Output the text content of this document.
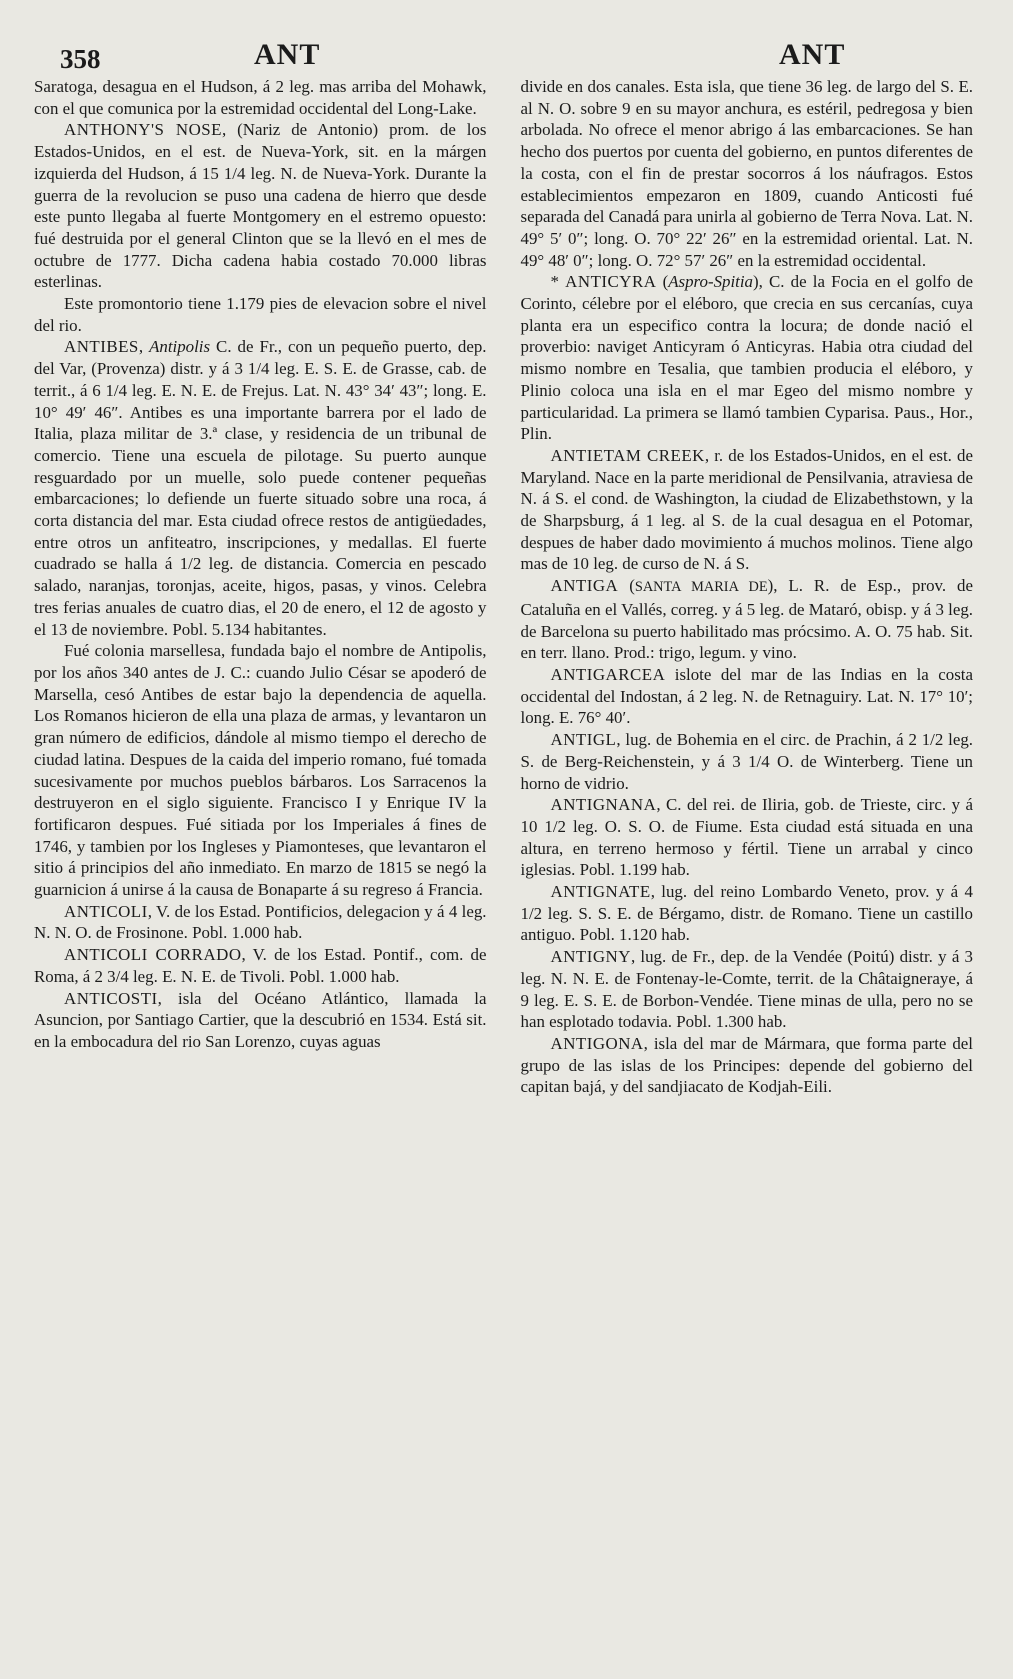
358	ANT	ANT

Saratoga, desagua en el Hudson, á 2 leg. mas arriba del Mohawk, con el que comunica por la estremidad occidental del Long-Lake.

ANTHONY'S NOSE, (Nariz de Antonio) prom. de los Estados-Unidos, en el est. de Nueva-York, sit. en la márgen izquierda del Hudson, á 15 1/4 leg. N. de Nueva-York. Durante la guerra de la revolucion se puso una cadena de hierro que desde este punto llegaba al fuerte Montgomery en el estremo opuesto: fué destruida por el general Clinton que se la llevó en el mes de octubre de 1777. Dicha cadena habia costado 70.000 libras esterlinas.

Este promontorio tiene 1.179 pies de elevacion sobre el nivel del rio.

ANTIBES, Antipolis C. de Fr., con un pequeño puerto, dep. del Var, (Provenza) distr. y á 3 1/4 leg. E. S. E. de Grasse, cab. de territ., á 6 1/4 leg. E. N. E. de Frejus. Lat. N. 43° 34′ 43″; long. E. 10° 49′ 46″. Antibes es una importante barrera por el lado de Italia, plaza militar de 3.ª clase, y residencia de un tribunal de comercio. Tiene una escuela de pilotage. Su puerto aunque resguardado por un muelle, solo puede contener pequeñas embarcaciones; lo defiende un fuerte situado sobre una roca, á corta distancia del mar. Esta ciudad ofrece restos de antigüedades, entre otros un anfiteatro, inscripciones, y medallas. El fuerte cuadrado se halla á 1/2 leg. de distancia. Comercia en pescado salado, naranjas, toronjas, aceite, higos, pasas, y vinos. Celebra tres ferias anuales de cuatro dias, el 20 de enero, el 12 de agosto y el 13 de noviembre. Pobl. 5.134 habitantes.

Fué colonia marsellesa, fundada bajo el nombre de Antipolis, por los años 340 antes de J. C.: cuando Julio César se apoderó de Marsella, cesó Antibes de estar bajo la dependencia de aquella. Los Romanos hicieron de ella una plaza de armas, y levantaron un gran número de edificios, dándole al mismo tiempo el derecho de ciudad latina. Despues de la caida del imperio romano, fué tomada sucesivamente por muchos pueblos bárbaros. Los Sarracenos la destruyeron en el siglo siguiente. Francisco I y Enrique IV la fortificaron despues. Fué sitiada por los Imperiales á fines de 1746, y tambien por los Ingleses y Piamonteses, que levantaron el sitio á principios del año inmediato. En marzo de 1815 se negó la guarnicion á unirse á la causa de Bonaparte á su regreso á Francia.

ANTICOLI, V. de los Estad. Pontificios, delegacion y á 4 leg. N. N. O. de Frosinone. Pobl. 1.000 hab.

ANTICOLI CORRADO, V. de los Estad. Pontif., com. de Roma, á 2 3/4 leg. E. N. E. de Tivoli. Pobl. 1.000 hab.

ANTICOSTI, isla del Océano Atlántico, llamada la Asuncion, por Santiago Cartier, que la descubrió en 1534. Está sit. en la embocadura del rio San Lorenzo, cuyas aguas

divide en dos canales. Esta isla, que tiene 36 leg. de largo del S. E. al N. O. sobre 9 en su mayor anchura, es estéril, pedregosa y bien arbolada. No ofrece el menor abrigo á las embarcaciones. Se han hecho dos puertos por cuenta del gobierno, en puntos diferentes de la costa, con el fin de prestar socorros á los náufragos. Estos establecimientos empezaron en 1809, cuando Anticosti fué separada del Canadá para unirla al gobierno de Terra Nova. Lat. N. 49° 5′ 0″; long. O. 70° 22′ 26″ en la estremidad oriental. Lat. N. 49° 48′ 0″; long. O. 72° 57′ 26″ en la estremidad occidental.

* ANTICYRA (Aspro-Spitia), C. de la Focia en el golfo de Corinto, célebre por el eléboro, que crecia en sus cercanías, cuya planta era un especifico contra la locura; de donde nació el proverbio: naviget Anticyram ó Anticyras. Habia otra ciudad del mismo nombre en Tesalia, que tambien producia el eléboro, y Plinio coloca una isla en el mar Egeo del mismo nombre y particularidad. La primera se llamó tambien Cyparisa. Paus., Hor., Plin.

ANTIETAM CREEK, r. de los Estados-Unidos, en el est. de Maryland. Nace en la parte meridional de Pensilvania, atraviesa de N. á S. el cond. de Washington, la ciudad de Elizabethstown, y la de Sharpsburg, á 1 leg. al S. de la cual desagua en el Potomar, despues de haber dado movimiento á muchos molinos. Tiene algo mas de 10 leg. de curso de N. á S.

ANTIGA (SANTA MARIA DE), L. R. de Esp., prov. de Cataluña en el Vallés, correg. y á 5 leg. de Mataró, obisp. y á 3 leg. de Barcelona su puerto habilitado mas prócsimo. A. O. 75 hab. Sit. en terr. llano. Prod.: trigo, legum. y vino.

ANTIGARCEA islote del mar de las Indias en la costa occidental del Indostan, á 2 leg. N. de Retnaguiry. Lat. N. 17° 10′; long. E. 76° 40′.

ANTIGL, lug. de Bohemia en el circ. de Prachin, á 2 1/2 leg. S. de Berg-Reichenstein, y á 3 1/4 O. de Winterberg. Tiene un horno de vidrio.

ANTIGNANA, C. del rei. de Iliria, gob. de Trieste, circ. y á 10 1/2 leg. O. S. O. de Fiume. Esta ciudad está situada en una altura, en terreno hermoso y fértil. Tiene un arrabal y cinco iglesias. Pobl. 1.199 hab.

ANTIGNATE, lug. del reino Lombardo Veneto, prov. y á 4 1/2 leg. S. S. E. de Bérgamo, distr. de Romano. Tiene un castillo antiguo. Pobl. 1.120 hab.

ANTIGNY, lug. de Fr., dep. de la Vendée (Poitú) distr. y á 3 leg. N. N. E. de Fontenay-le-Comte, territ. de la Châtaigneraye, á 9 leg. E. S. E. de Borbon-Vendée. Tiene minas de ulla, pero no se han esplotado todavia. Pobl. 1.300 hab.

ANTIGONA, isla del mar de Mármara, que forma parte del grupo de las islas de los Principes: depende del gobierno del capitan bajá, y del sandjiacato de Kodjah-Eili.
